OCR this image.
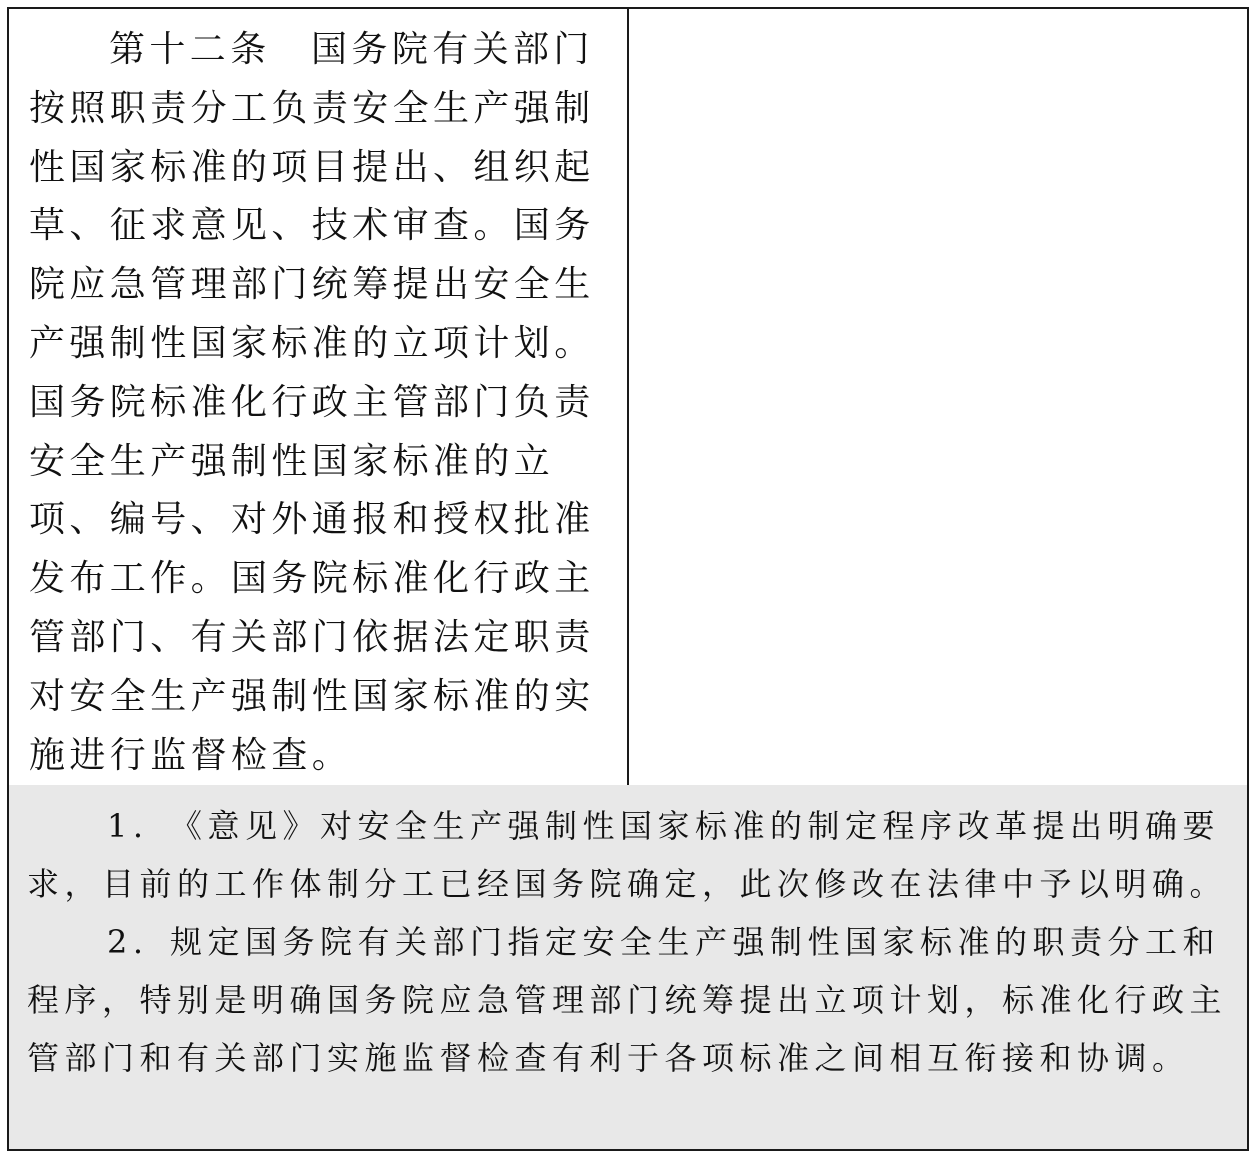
第十二条  国务院有关部门按照职责分工负责安全生产强制性国家标准的项目提出、组织起草、征求意见、技术审查。国务院应急管理部门统筹提出安全生产强制性国家标准的立项计划。国务院标准化行政主管部门负责安全生产强制性国家标准的立项、编号、对外通报和授权批准发布工作。国务院标准化行政主管部门、有关部门依据法定职责对安全生产强制性国家标准的实施进行监督检查。

1.  《意见》对安全生产强制性国家标准的制定程序改革提出明确要求，目前的工作体制分工已经国务院确定，此次修改在法律中予以明确。

2.  规定国务院有关部门指定安全生产强制性国家标准的职责分工和程序，特别是明确国务院应急管理部门统筹提出立项计划，标准化行政主管部门和有关部门实施监督检查有利于各项标准之间相互衔接和协调。
